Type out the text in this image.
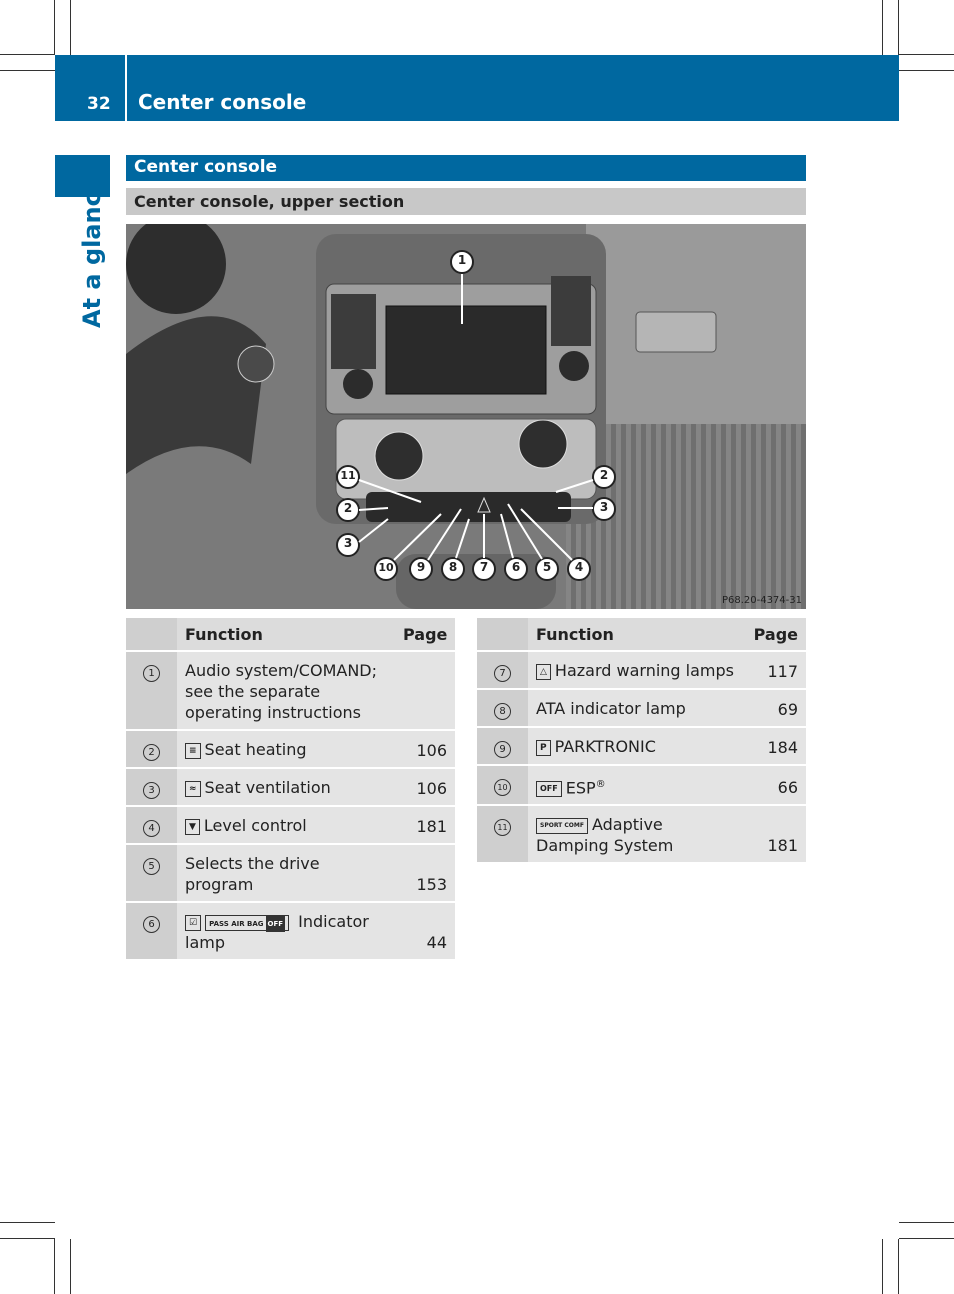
32 Center console
At a glance
Center console
Center console, upper section
1
2
2	3
3
11
10 9 8 7 6 5 4
P68.20-4374-31
	Function	Page
1	Audio system/COMAND; see the separate operating instructions	
2	≡ Seat heating	106
3	≈ Seat ventilation	106
4	▼ Level control	181
5	Selects the drive program	153
6	☑ PASS AIR BAG OFF Indicator lamp	44
	Function	Page
7	△ Hazard warning lamps	117
8	ATA indicator lamp	69
9	P PARKTRONIC	184
10	OFF ESP®	66
11	SPORT COMF Adaptive Damping System	181
